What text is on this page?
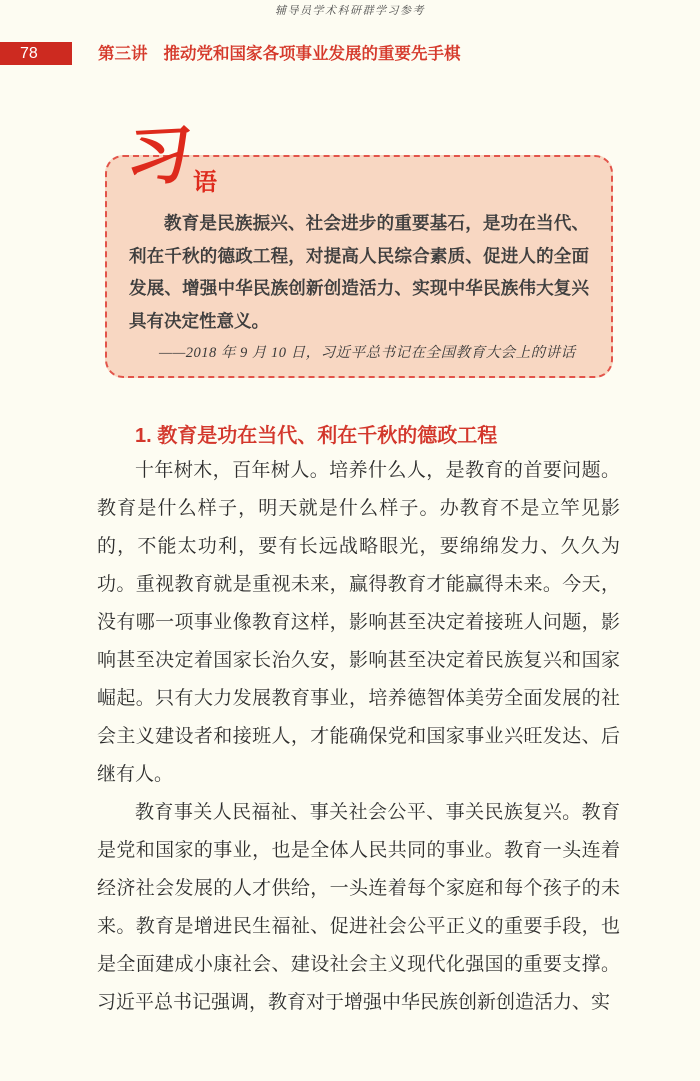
辅导员学术科研群学习参考
78	第三讲 推动党和国家各项事业发展的重要先手棋
习语
教育是民族振兴、社会进步的重要基石，是功在当代、
利在千秋的德政工程，对提高人民综合素质、促进人的全面
发展、增强中华民族创新创造活力、实现中华民族伟大复兴
具有决定性意义。
——2018 年 9 月 10 日，习近平总书记在全国教育大会上的讲话
1. 教育是功在当代、利在千秋的德政工程
十年树木，百年树人。培养什么人，是教育的首要问题。
教育是什么样子，明天就是什么样子。办教育不是立竿见影
的，不能太功利，要有长远战略眼光，要绵绵发力、久久为
功。重视教育就是重视未来，赢得教育才能赢得未来。今天，
没有哪一项事业像教育这样，影响甚至决定着接班人问题，影
响甚至决定着国家长治久安，影响甚至决定着民族复兴和国家
崛起。只有大力发展教育事业，培养德智体美劳全面发展的社
会主义建设者和接班人，才能确保党和国家事业兴旺发达、后
继有人。
教育事关人民福祉、事关社会公平、事关民族复兴。教育
是党和国家的事业，也是全体人民共同的事业。教育一头连着
经济社会发展的人才供给，一头连着每个家庭和每个孩子的未
来。教育是增进民生福祉、促进社会公平正义的重要手段，也
是全面建成小康社会、建设社会主义现代化强国的重要支撑。
习近平总书记强调，教育对于增强中华民族创新创造活力、实
